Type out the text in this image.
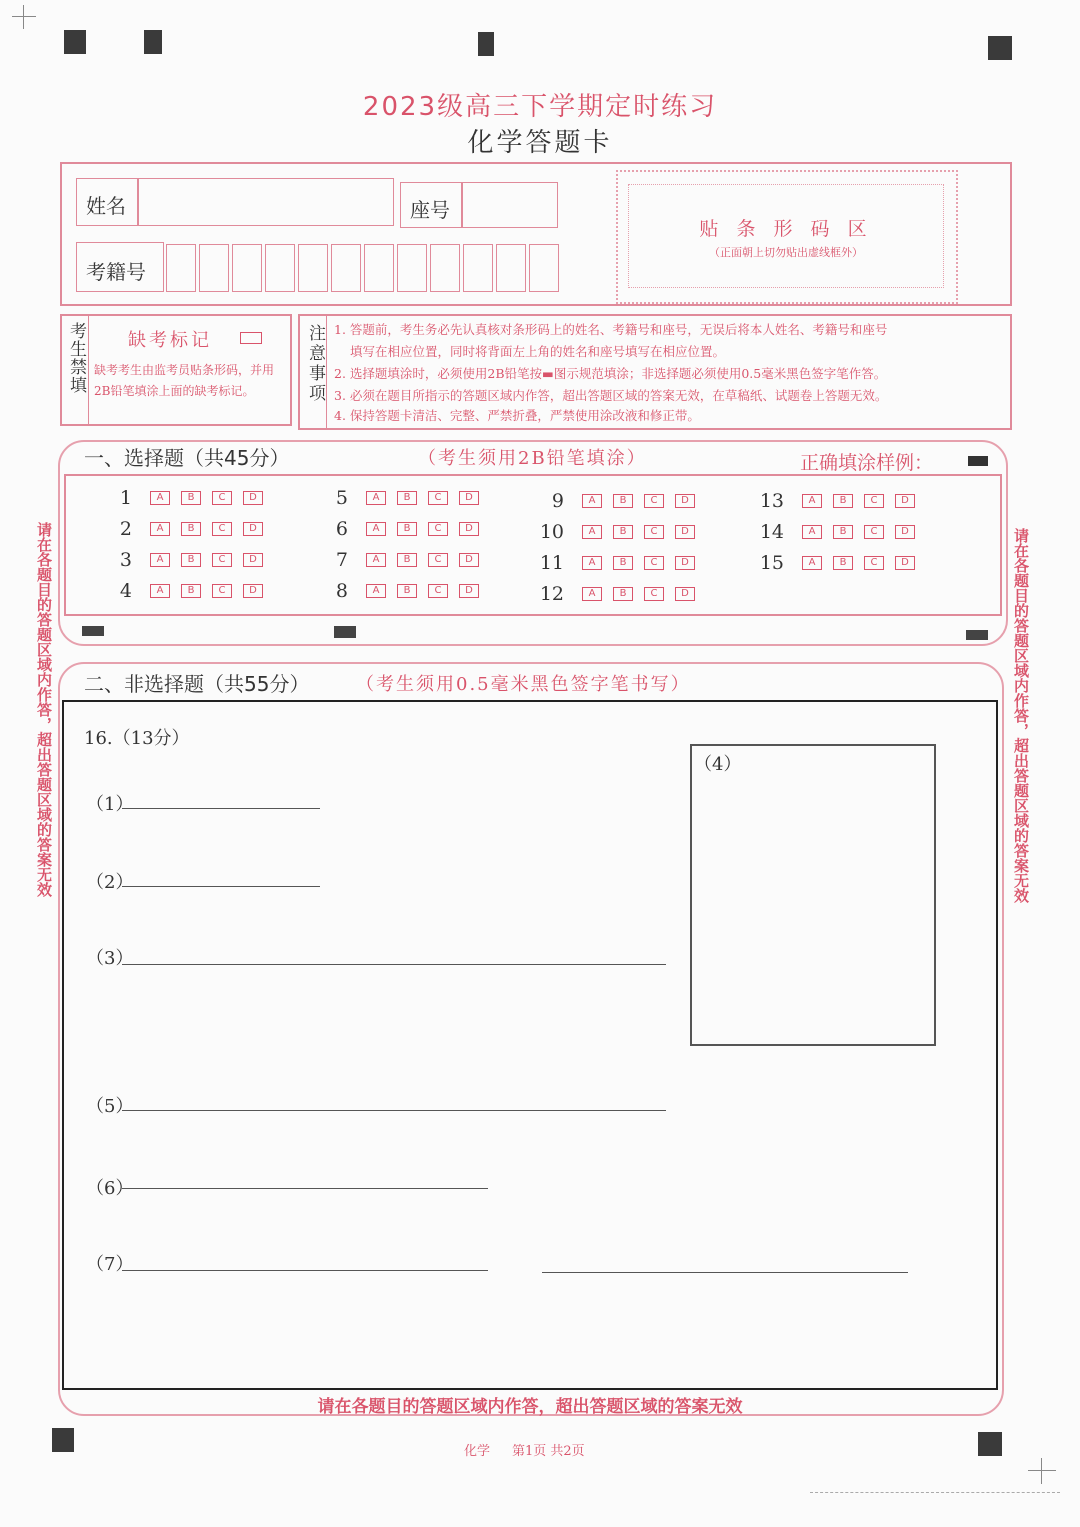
2023级高三下学期定时练习
化学答题卡
姓名	座号
考籍号
贴 条 形 码 区
（正面朝上切勿贴出虚线框外）
考生禁填 缺考标记
缺考考生由监考员贴条形码，并用2B铅笔填涂上面的缺考标记。	注意事项 1. 答题前，考生务必先认真核对条形码上的姓名、考籍号和座号，无误后将本人姓名、考籍号和座号
填写在相应位置，同时将背面左上角的姓名和座号填写在相应位置。
2. 选择题填涂时，必须使用2B铅笔按▬图示规范填涂；非选择题必须使用0.5毫米黑色签字笔作答。
3. 必须在题目所指示的答题区域内作答，超出答题区域的答案无效，在草稿纸、试题卷上答题无效。
4. 保持答题卡清洁、完整、严禁折叠，严禁使用涂改液和修正带。
请在各题目的答题区域内作答，超出答题区域的答案无效	请在各题目的答题区域内作答，超出答题区域的答案无效
一、选择题（共45分）	（考生须用2B铅笔填涂）	正确填涂样例：
1	A	B	C	D
2	A	B	C	D
3	A	B	C	D
4	A	B	C	D
5	A	B	C	D
6	A	B	C	D
7	A	B	C	D
8	A	B	C	D
9	A	B	C	D
10	A	B	C	D
11	A	B	C	D
12	A	B	C	D
13	A	B	C	D
14	A	B	C	D
15	A	B	C	D
二、非选择题（共55分）	（考生须用0.5毫米黑色签字笔书写）
16.（13分）
（1）
（2）
（3）
（4）
（5）
（6）
（7）
请在各题目的答题区域内作答，超出答题区域的答案无效
化学 第1页 共2页
